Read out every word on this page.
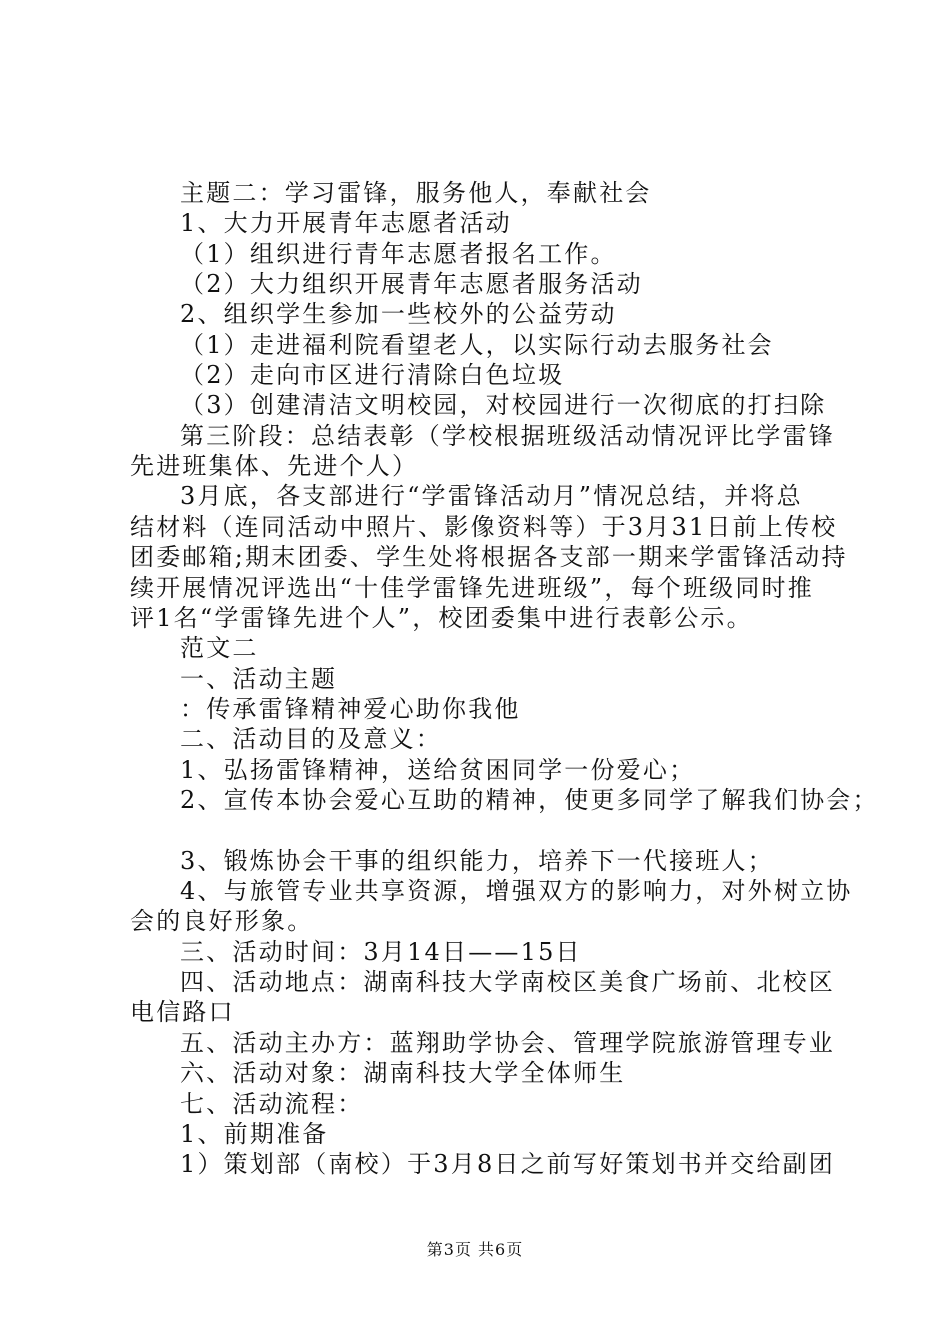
主题二：学习雷锋，服务他人，奉献社会
1、大力开展青年志愿者活动
（1）组织进行青年志愿者报名工作。
（2）大力组织开展青年志愿者服务活动
2、组织学生参加一些校外的公益劳动
（1）走进福利院看望老人，以实际行动去服务社会
（2）走向市区进行清除白色垃圾
（3）创建清洁文明校园，对校园进行一次彻底的打扫除
第三阶段：总结表彰（学校根据班级活动情况评比学雷锋
先进班集体、先进个人）
3月底，各支部进行“学雷锋活动月”情况总结，并将总
结材料（连同活动中照片、影像资料等）于3月31日前上传校
团委邮箱;期末团委、学生处将根据各支部一期来学雷锋活动持
续开展情况评选出“十佳学雷锋先进班级”，每个班级同时推
评1名“学雷锋先进个人”，校团委集中进行表彰公示。
范文二
一、活动主题
：传承雷锋精神爱心助你我他
二、活动目的及意义：
1、弘扬雷锋精神，送给贫困同学一份爱心；
2、宣传本协会爱心互助的精神，使更多同学了解我们协会；
3、锻炼协会干事的组织能力，培养下一代接班人；
4、与旅管专业共享资源，增强双方的影响力，对外树立协
会的良好形象。
三、活动时间：3月14日——15日
四、活动地点：湖南科技大学南校区美食广场前、北校区
电信路口
五、活动主办方：蓝翔助学协会、管理学院旅游管理专业
六、活动对象：湖南科技大学全体师生
七、活动流程：
1、前期准备
1）策划部（南校）于3月8日之前写好策划书并交给副团
第3页 共6页
